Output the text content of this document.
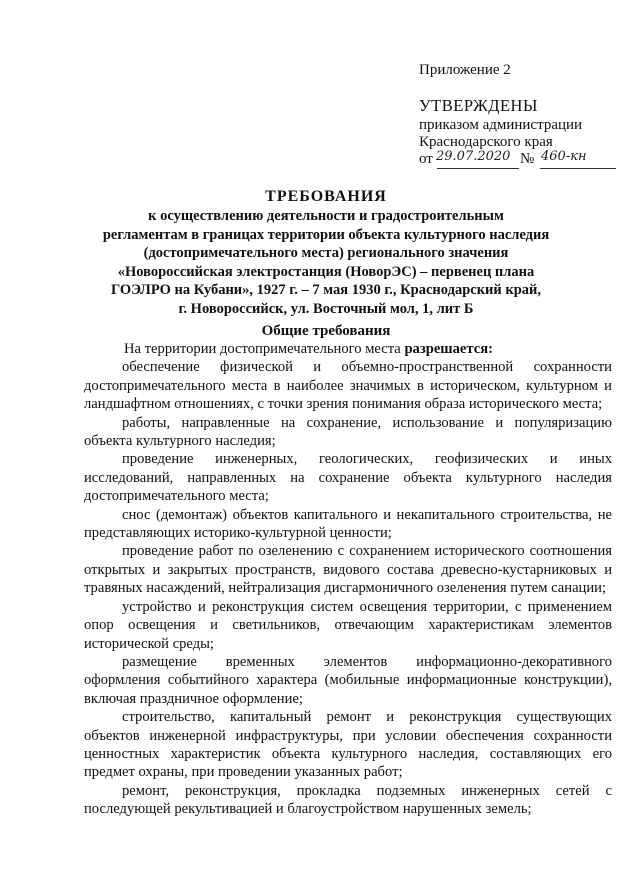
Приложение 2
УТВЕРЖДЕНЫ
приказом администрации
Краснодарского края
от 29.07.2020 № 460-кн
ТРЕБОВАНИЯ
к осуществлению деятельности и градостроительным
регламентам в границах территории объекта культурного наследия
(достопримечательного места) регионального значения
«Новороссийская электростанция (НоворЭС) – первенец плана
ГОЭЛРО на Кубани», 1927 г. – 7 мая 1930 г., Краснодарский край,
г. Новороссийск, ул. Восточный мол, 1, лит Б
Общие требования

На территории достопримечательного места разрешается:

обеспечение физической и объемно-пространственной сохранности достопримечательного места в наиболее значимых в историческом, культурном и ландшафтном отношениях, с точки зрения понимания образа исторического места;

работы, направленные на сохранение, использование и популяризацию объекта культурного наследия;

проведение инженерных, геологических, геофизических и иных исследований, направленных на сохранение объекта культурного наследия достопримечательного места;

снос (демонтаж) объектов капитального и некапитального строительства, не представляющих историко-культурной ценности;

проведение работ по озеленению с сохранением исторического соотношения открытых и закрытых пространств, видового состава древесно-кустарниковых и травяных насаждений, нейтрализация дисгармоничного озеленения путем санации;

устройство и реконструкция систем освещения территории, с применением опор освещения и светильников, отвечающим характеристикам элементов исторической среды;

размещение временных элементов информационно-декоративного оформления событийного характера (мобильные информационные конструкции), включая праздничное оформление;

строительство, капитальный ремонт и реконструкция существующих объектов инженерной инфраструктуры, при условии обеспечения сохранности ценностных характеристик объекта культурного наследия, составляющих его предмет охраны, при проведении указанных работ;

ремонт, реконструкция, прокладка подземных инженерных сетей с последующей рекультивацией и благоустройством нарушенных земель;
